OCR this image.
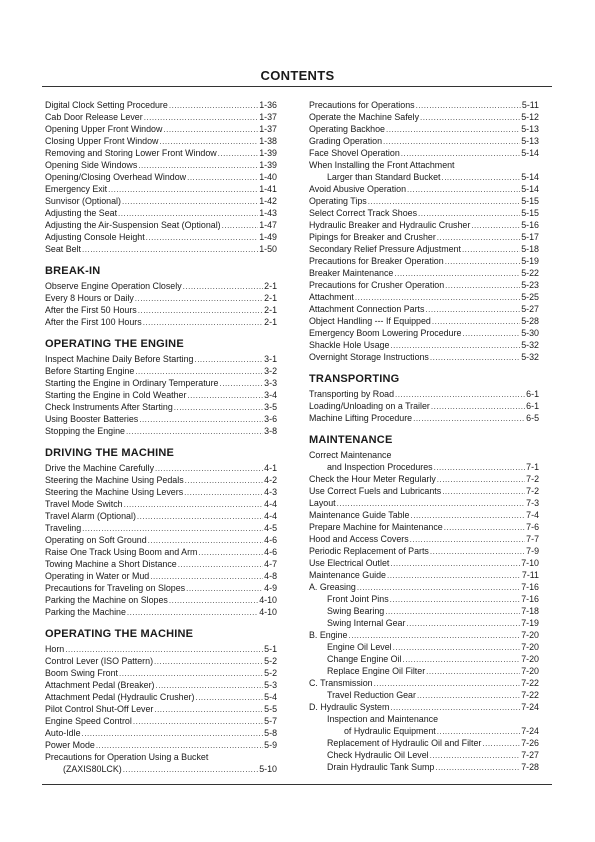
CONTENTS
Digital Clock Setting Procedure .....	1-36
Cab Door Release Lever .....	1-37
Opening Upper Front Window .....	1-37
Closing Upper Front Window .....	1-38
Removing and Storing Lower Front Window .....	1-39
Opening Side Windows .....	1-39
Opening/Closing Overhead Window .....	1-40
Emergency Exit .....	1-41
Sunvisor (Optional) .....	1-42
Adjusting the Seat .....	1-43
Adjusting the Air-Suspension Seat (Optional) .....	1-47
Adjusting Console Height .....	1-49
Seat Belt .....	1-50
BREAK-IN
Observe Engine Operation Closely .....	2-1
Every 8 Hours or Daily .....	2-1
After the First 50 Hours .....	2-1
After the First 100 Hours .....	2-1
OPERATING THE ENGINE
Inspect Machine Daily Before Starting .....	3-1
Before Starting Engine .....	3-2
Starting the Engine in Ordinary Temperature .....	3-3
Starting the Engine in Cold Weather .....	3-4
Check Instruments After Starting .....	3-5
Using Booster Batteries .....	3-6
Stopping the Engine .....	3-8
DRIVING THE MACHINE
Drive the Machine Carefully .....	4-1
Steering the Machine Using Pedals .....	4-2
Steering the Machine Using Levers .....	4-3
Travel Mode Switch .....	4-4
Travel Alarm (Optional) .....	4-4
Traveling .....	4-5
Operating on Soft Ground .....	4-6
Raise One Track Using Boom and Arm .....	4-6
Towing Machine a Short Distance .....	4-7
Operating in Water or Mud .....	4-8
Precautions for Traveling on Slopes .....	4-9
Parking the Machine on Slopes .....	4-10
Parking the Machine .....	4-10
OPERATING THE MACHINE
Horn .....	5-1
Control Lever (ISO Pattern) .....	5-2
Boom Swing Front .....	5-2
Attachment Pedal (Breaker) .....	5-3
Attachment Pedal (Hydraulic Crusher) .....	5-4
Pilot Control Shut-Off Lever .....	5-5
Engine Speed Control .....	5-7
Auto-Idle .....	5-8
Power Mode .....	5-9
Precautions for Operation Using a Bucket
(ZAXIS80LCK) .....	5-10
Precautions for Operations .....	5-11
Operate the Machine Safely .....	5-12
Operating Backhoe .....	5-13
Grading Operation .....	5-13
Face Shovel Operation .....	5-14
When Installing the Front Attachment
Larger than Standard Bucket .....	5-14
Avoid Abusive Operation .....	5-14
Operating Tips .....	5-15
Select Correct Track Shoes .....	5-15
Hydraulic Breaker and Hydraulic Crusher .....	5-16
Pipings for Breaker and Crusher .....	5-17
Secondary Relief Pressure Adjustment .....	5-18
Precautions for Breaker Operation .....	5-19
Breaker Maintenance .....	5-22
Precautions for Crusher Operation .....	5-23
Attachment .....	5-25
Attachment Connection Parts .....	5-27
Object Handling --- If Equipped .....	5-28
Emergency Boom Lowering Procedure .....	5-30
Shackle Hole Usage .....	5-32
Overnight Storage Instructions .....	5-32
TRANSPORTING
Transporting by Road .....	6-1
Loading/Unloading on a Trailer .....	6-1
Machine Lifting Procedure .....	6-5
MAINTENANCE
Correct Maintenance
and Inspection Procedures .....	7-1
Check the Hour Meter Regularly .....	7-2
Use Correct Fuels and Lubricants .....	7-2
Layout .....	7-3
Maintenance Guide Table .....	7-4
Prepare Machine for Maintenance .....	7-6
Hood and Access Covers .....	7-7
Periodic Replacement of Parts .....	7-9
Use Electrical Outlet .....	7-10
Maintenance Guide .....	7-11
A. Greasing .....	7-16
Front Joint Pins .....	7-16
Swing Bearing .....	7-18
Swing Internal Gear .....	7-19
B. Engine .....	7-20
Engine Oil Level .....	7-20
Change Engine Oil .....	7-20
Replace Engine Oil Filter .....	7-20
C. Transmission .....	7-22
Travel Reduction Gear .....	7-22
D. Hydraulic System .....	7-24
Inspection and Maintenance
of Hydraulic Equipment .....	7-24
Replacement of Hydraulic Oil and Filter .....	7-26
Check Hydraulic Oil Level .....	7-27
Drain Hydraulic Tank Sump .....	7-28
